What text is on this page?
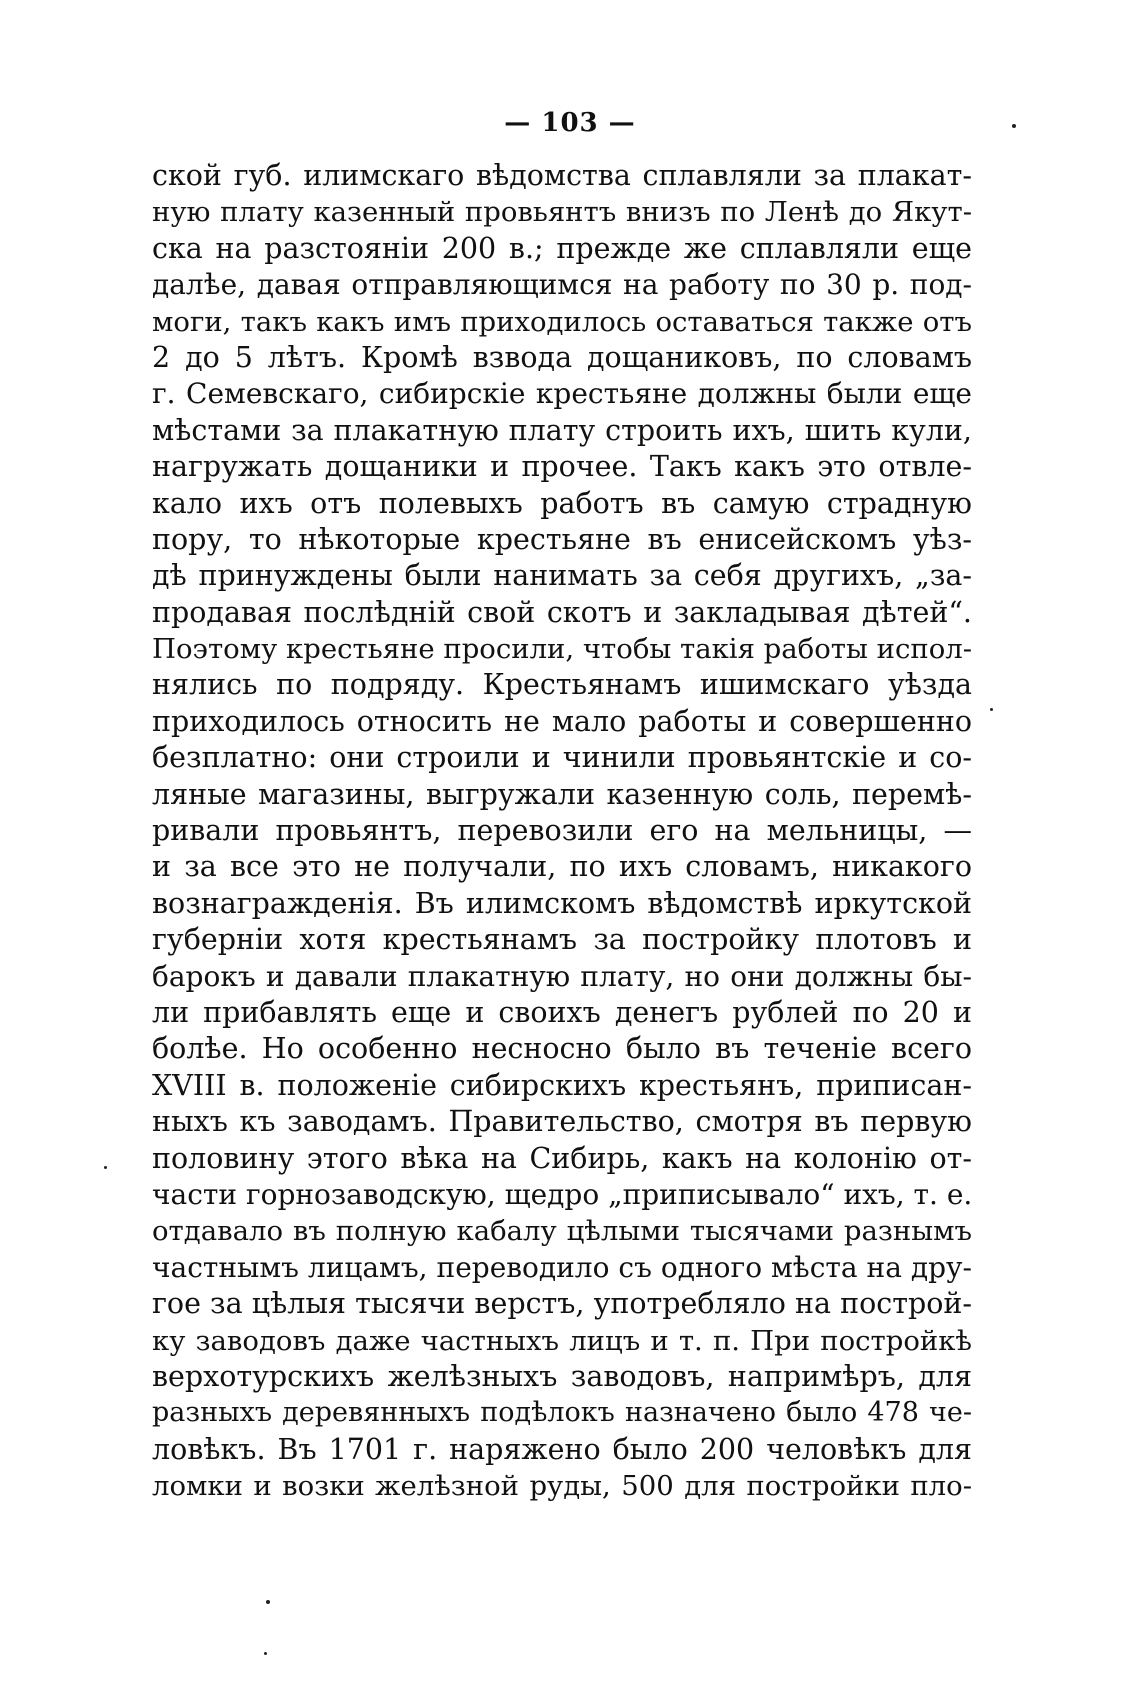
— 103 —
ской губ. илимскаго вѣдомства сплавляли за плакат-
ную плату казенный провьянтъ внизъ по Ленѣ до Якут-
ска на разстояніи 200 в.; прежде же сплавляли еще
далѣе, давая отправляющимся на работу по 30 р. под-
моги, такъ какъ имъ приходилось оставаться также отъ
2 до 5 лѣтъ. Кромѣ взвода дощаниковъ, по словамъ
г. Семевскаго, сибирскіе крестьяне должны были еще
мѣстами за плакатную плату строить ихъ, шить кули,
нагружать дощаники и прочее. Такъ какъ это отвле-
кало ихъ отъ полевыхъ работъ въ самую страдную
пору, то нѣкоторые крестьяне въ енисейскомъ уѣз-
дѣ принуждены были нанимать за себя другихъ, „за-
продавая послѣдній свой скотъ и закладывая дѣтей“.
Поэтому крестьяне просили, чтобы такія работы испол-
нялись по подряду. Крестьянамъ ишимскаго уѣзда
приходилось относить не мало работы и совершенно
безплатно: они строили и чинили провьянтскіе и со-
ляные магазины, выгружали казенную соль, перемѣ-
ривали провьянтъ, перевозили его на мельницы, —
и за все это не получали, по ихъ словамъ, никакого
вознагражденія. Въ илимскомъ вѣдомствѣ иркутской
губерніи хотя крестьянамъ за постройку плотовъ и
барокъ и давали плакатную плату, но они должны бы-
ли прибавлять еще и своихъ денегъ рублей по 20 и
болѣе. Но особенно несносно было въ теченіе всего
XVIII в. положеніе сибирскихъ крестьянъ, приписан-
ныхъ къ заводамъ. Правительство, смотря въ первую
половину этого вѣка на Сибирь, какъ на колонію от-
части горнозаводскую, щедро „приписывало“ ихъ, т. е.
отдавало въ полную кабалу цѣлыми тысячами разнымъ
частнымъ лицамъ, переводило съ одного мѣста на дру-
гое за цѣлыя тысячи верстъ, употребляло на построй-
ку заводовъ даже частныхъ лицъ и т. п. При постройкѣ
верхотурскихъ желѣзныхъ заводовъ, напримѣръ, для
разныхъ деревянныхъ подѣлокъ назначено было 478 че-
ловѣкъ. Въ 1701 г. наряжено было 200 человѣкъ для
ломки и возки желѣзной руды, 500 для постройки пло-
